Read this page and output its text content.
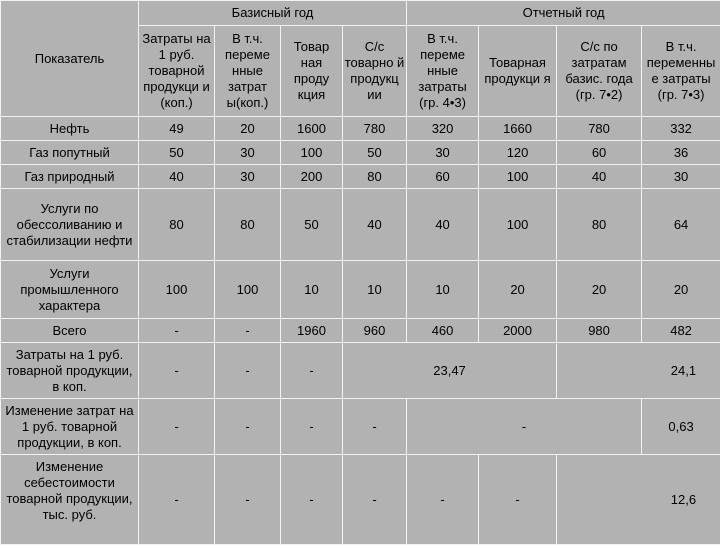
Показатель	Базисный год				Отчетный год			
	Затраты на 1 руб. товарной продукци и (коп.)	В т.ч. переме нные затрат ы(коп.)	Товар ная проду кция	С/с товарно й продукц ии	В т.ч. переме нные затраты (гр. 4•3)	Товарная продукци я	С/с по затратам базис. года (гр. 7•2)	В т.ч. переменны е затраты (гр. 7•3)
Нефть	49	20	1600	780	320	1660	780	332
Газ попутный	50	30	100	50	30	120	60	36
Газ природный	40	30	200	80	60	100	40	30
Услуги по обессоливанию и стабилизации нефти	80	80	50	40	40	100	80	64
Услуги промышленного характера	100	100	10	10	10	20	20	20
Всего	-	-	1960	960	460	2000	980	482
Затраты на 1 руб. товарной продукции, в коп.	-	-	-	23,47			24,1	
Изменение затрат на 1 руб. товарной продукции, в коп.	-	-	-	-	-			0,63
Изменение себестоимости товарной продукции, тыс. руб.	-	-	-	-	-	-	12,6	
